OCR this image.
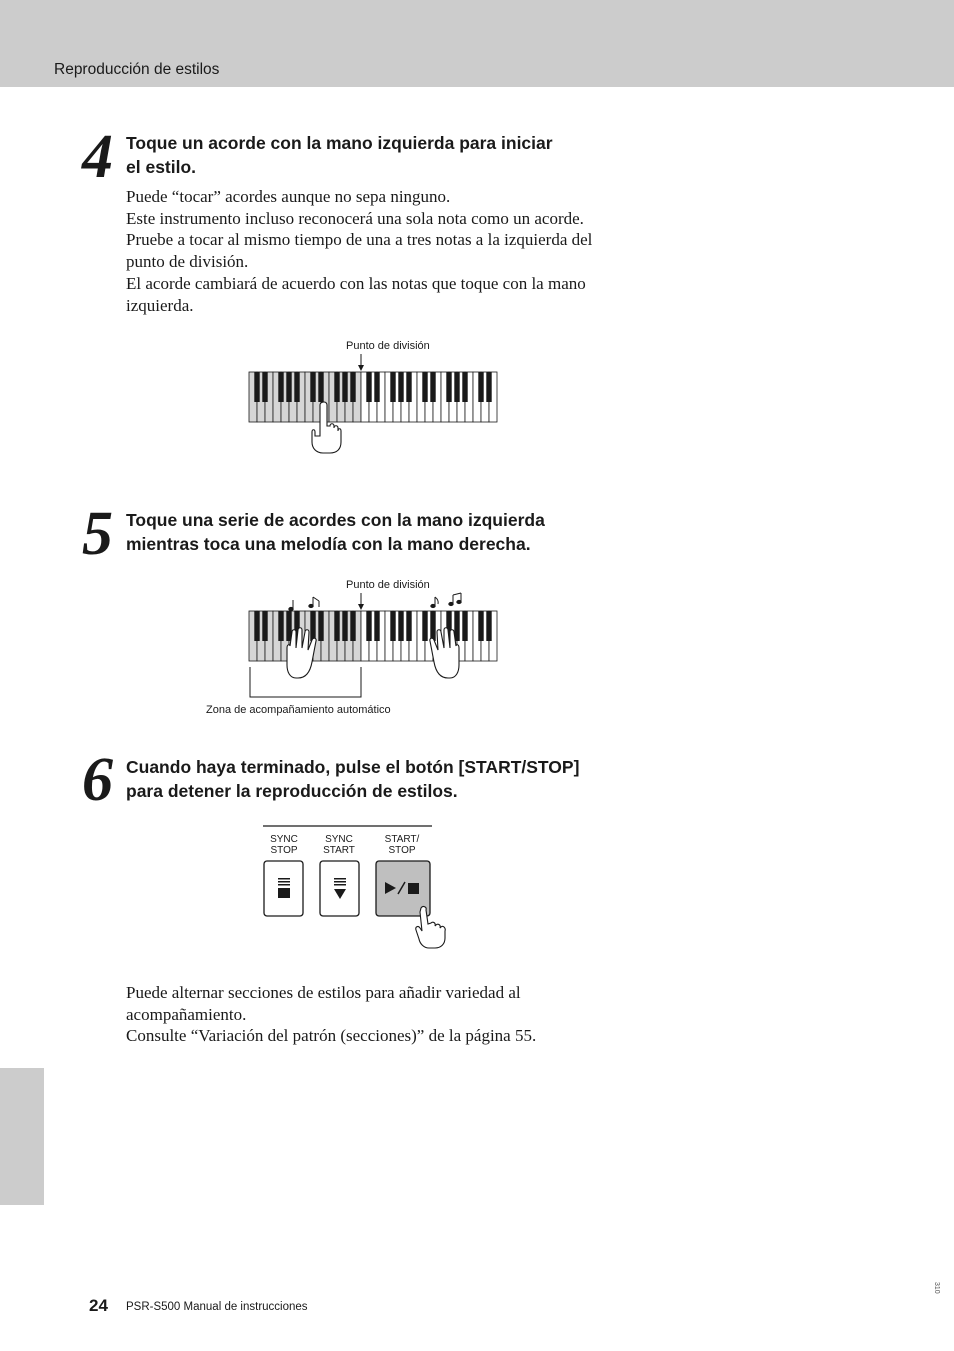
Reproducción de estilos
4 Toque un acorde con la mano izquierda para iniciar
el estilo.
Puede “tocar” acordes aunque no sepa ninguno.
Este instrumento incluso reconocerá una sola nota como un acorde.
Pruebe a tocar al mismo tiempo de una a tres notas a la izquierda del
punto de división.
El acorde cambiará de acuerdo con las notas que toque con la mano
izquierda.
Punto de división
5 Toque una serie de acordes con la mano izquierda
mientras toca una melodía con la mano derecha.
Punto de división
Zona de acompañamiento automático
6 Cuando haya terminado, pulse el botón [START/STOP]
para detener la reproducción de estilos.
SYNC
STOP
SYNC
START
START/
STOP
Puede alternar secciones de estilos para añadir variedad al
acompañamiento.
Consulte “Variación del patrón (secciones)” de la página 55.
24 PSR-S500 Manual de instrucciones
310
